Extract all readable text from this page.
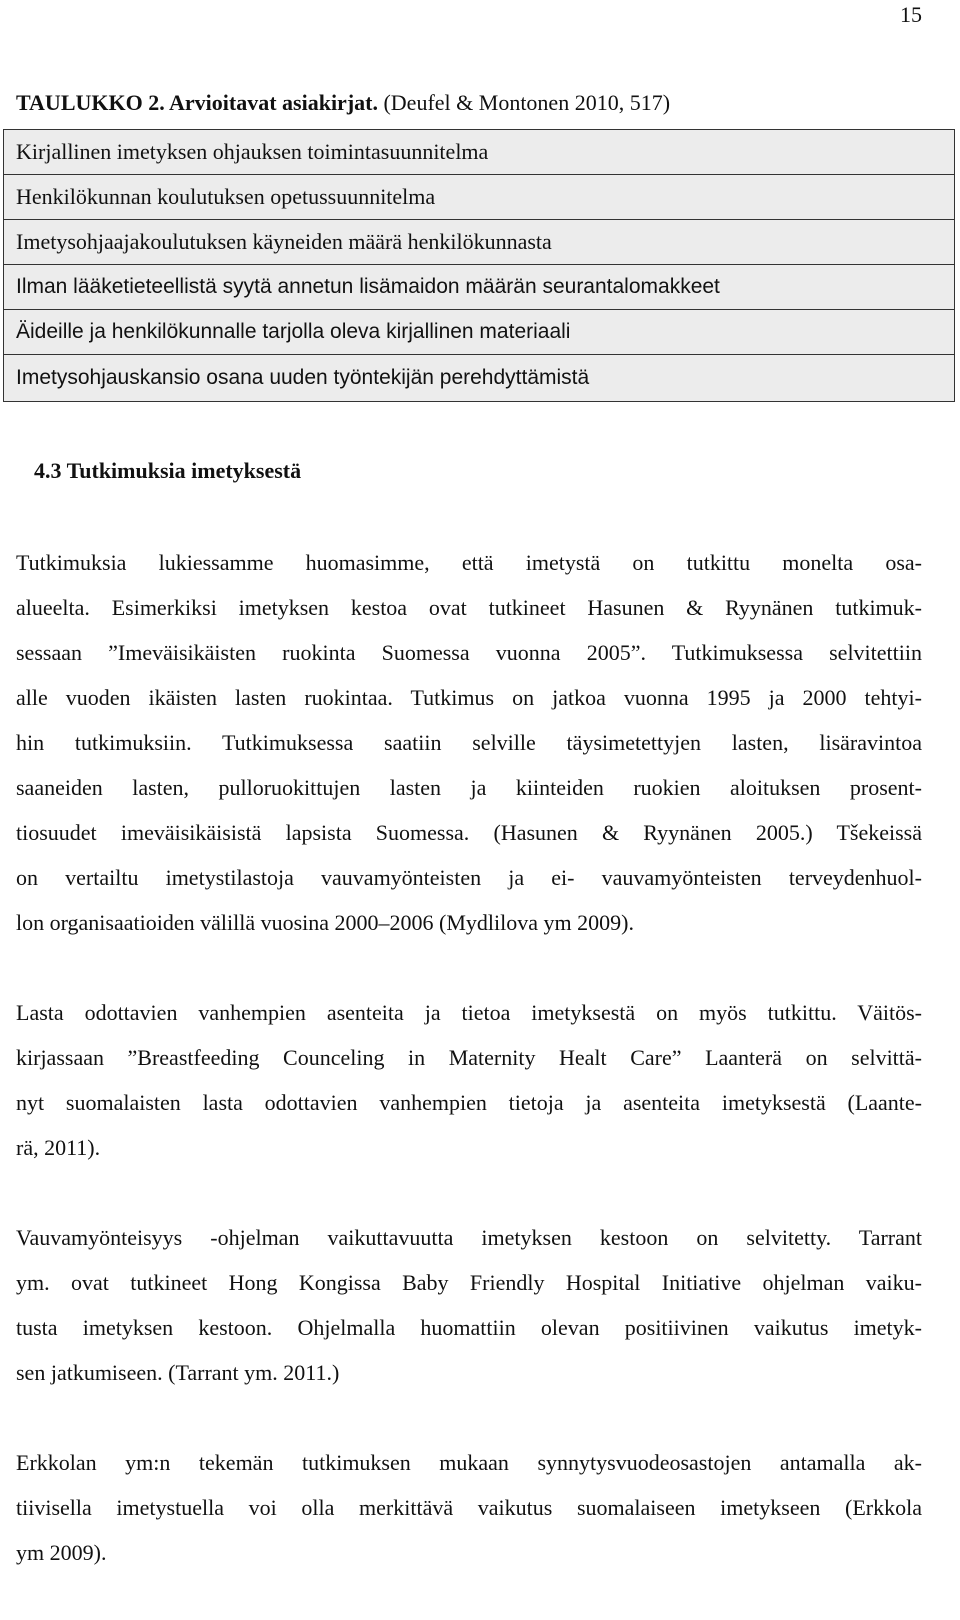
15
TAULUKKO 2. Arvioitavat asiakirjat. (Deufel & Montonen 2010, 517)
Kirjallinen imetyksen ohjauksen toimintasuunnitelma
Henkilökunnan koulutuksen opetussuunnitelma
Imetysohjaajakoulutuksen käyneiden määrä henkilökunnasta
Ilman lääketieteellistä syytä annetun lisämaidon määrän seurantalomakkeet
Äideille ja henkilökunnalle tarjolla oleva kirjallinen materiaali
Imetysohjauskansio osana uuden työntekijän perehdyttämistä
4.3 Tutkimuksia imetyksestä
Tutkimuksia lukiessamme huomasimme, että imetystä on tutkittu monelta osa-
alueelta. Esimerkiksi imetyksen kestoa ovat tutkineet Hasunen & Ryynänen tutkimuk-
sessaan ”Imeväisikäisten ruokinta Suomessa vuonna 2005”. Tutkimuksessa selvitettiin
alle vuoden ikäisten lasten ruokintaa. Tutkimus on jatkoa vuonna 1995 ja 2000 tehtyi-
hin tutkimuksiin. Tutkimuksessa saatiin selville täysimetettyjen lasten, lisäravintoa
saaneiden lasten, pulloruokittujen lasten ja kiinteiden ruokien aloituksen prosent-
tiosuudet imeväisikäisistä lapsista Suomessa. (Hasunen & Ryynänen 2005.) Tšekeissä
on vertailtu imetystilastoja vauvamyönteisten ja ei- vauvamyönteisten terveydenhuol-
lon organisaatioiden välillä vuosina 2000–2006 (Mydlilova ym 2009).
Lasta odottavien vanhempien asenteita ja tietoa imetyksestä on myös tutkittu. Väitös-
kirjassaan ”Breastfeeding Counceling in Maternity Healt Care” Laanterä on selvittä-
nyt suomalaisten lasta odottavien vanhempien tietoja ja asenteita imetyksestä (Laante-
rä, 2011).
Vauvamyönteisyys -ohjelman vaikuttavuutta imetyksen kestoon on selvitetty. Tarrant
ym. ovat tutkineet Hong Kongissa Baby Friendly Hospital Initiative ohjelman vaiku-
tusta imetyksen kestoon. Ohjelmalla huomattiin olevan positiivinen vaikutus imetyk-
sen jatkumiseen. (Tarrant ym. 2011.)
Erkkolan ym:n tekemän tutkimuksen mukaan synnytysvuodeosastojen antamalla ak-
tiivisella imetystuella voi olla merkittävä vaikutus suomalaiseen imetykseen (Erkkola
ym 2009).
